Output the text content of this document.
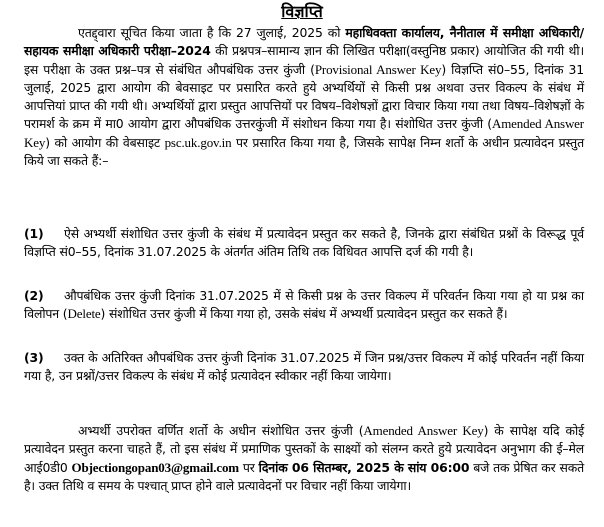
विज्ञप्ति
एतद्द्वारा सूचित किया जाता है कि 27 जुलाई, 2025 को महाधिवक्ता कार्यालय, नैनीताल में समीक्षा अधिकारी/सहायक समीक्षा अधिकारी परीक्षा–2024 की प्रश्नपत्र–सामान्य ज्ञान की लिखित परीक्षा(वस्तुनिष्ठ प्रकार) आयोजित की गयी थी। इस परीक्षा के उक्त प्रश्न–पत्र से संबंधित औपबंधिक उत्तर कुंजी (Provisional Answer Key) विज्ञप्ति सं0–55, दिनांक 31 जुलाई, 2025 द्वारा आयोग की बेवसाइट पर प्रसारित करते हुये अभ्यर्थियों से किसी प्रश्न अथवा उत्तर विकल्प के संबंध में आपत्तियां प्राप्त की गयी थी। अभ्यर्थियों द्वारा प्रस्तुत आपत्तियों पर विषय–विशेषज्ञों द्वारा विचार किया गया तथा विषय–विशेषज्ञों के परामर्श के क्रम में मा0 आयोग द्वारा औपबंधिक उत्तरकुंजी में संशोधन किया गया है। संशोधित उत्तर कुंजी (Amended Answer Key) को आयोग की वेबसाइट psc.uk.gov.in पर प्रसारित किया गया है, जिसके सापेक्ष निम्न शर्तो के अधीन प्रत्यावेदन प्रस्तुत किये जा सकते हैं:–
(1) ऐसे अभ्यर्थी संशोधित उत्तर कुंजी के संबंध में प्रत्यावेदन प्रस्तुत कर सकते है, जिनके द्वारा संबंधित प्रश्नों के विरूद्ध पूर्व विज्ञप्ति सं0–55, दिनांक 31.07.2025 के अंतर्गत अंतिम तिथि तक विधिवत आपत्ति दर्ज की गयी है।
(2) औपबंधिक उत्तर कुंजी दिनांक 31.07.2025 में से किसी प्रश्न के उत्तर विकल्प में परिवर्तन किया गया हो या प्रश्न का विलोपन (Delete) संशोधित उत्तर कुंजी में किया गया हो, उसके संबंध में अभ्यर्थी प्रत्यावेदन प्रस्तुत कर सकते हैं।
(3) उक्त के अतिरिक्त औपबंधिक उत्तर कुंजी दिनांक 31.07.2025 में जिन प्रश्न/उत्तर विकल्प में कोई परिवर्तन नहीं किया गया है, उन प्रश्नों/उत्तर विकल्प के संबंध में कोई प्रत्यावेदन स्वीकार नहीं किया जायेगा।
अभ्यर्थी उपरोक्त वर्णित शर्तो के अधीन संशोधित उत्तर कुंजी (Amended Answer Key) के सापेक्ष यदि कोई प्रत्यावेदन प्रस्तुत करना चाहते हैं, तो इस संबंध में प्रमाणिक पुस्तकों के साक्ष्यों को संलग्न करते हुये प्रत्यावेदन अनुभाग की ई–मेल आई0डी0 Objectiongopan03@gmail.com पर दिनांक 06 सितम्बर, 2025 के सांय 06:00 बजे तक प्रेषित कर सकते है। उक्त तिथि व समय के पश्चात् प्राप्त होने वाले प्रत्यावेदनों पर विचार नहीं किया जायेगा।
